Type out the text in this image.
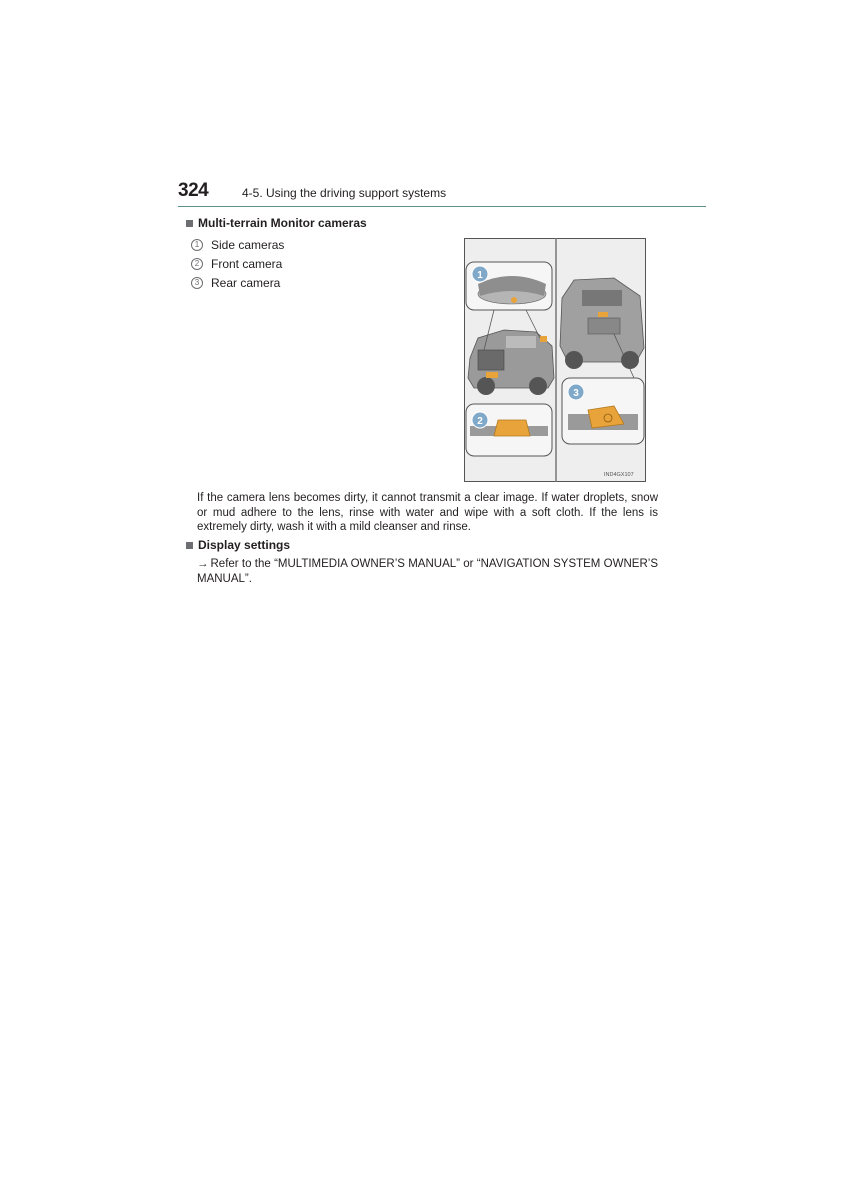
324	4-5. Using the driving support systems
Multi-terrain Monitor cameras
1 Side cameras
2 Front camera
3 Rear camera	1
2
3
IND4GX107

If the camera lens becomes dirty, it cannot transmit a clear image. If water droplets, snow or mud adhere to the lens, rinse with water and wipe with a soft cloth. If the lens is extremely dirty, wash it with a mild cleanser and rinse.

Display settings

→ Refer to the “MULTIMEDIA OWNER’S MANUAL” or “NAVIGATION SYSTEM OWNER’S MANUAL”.
